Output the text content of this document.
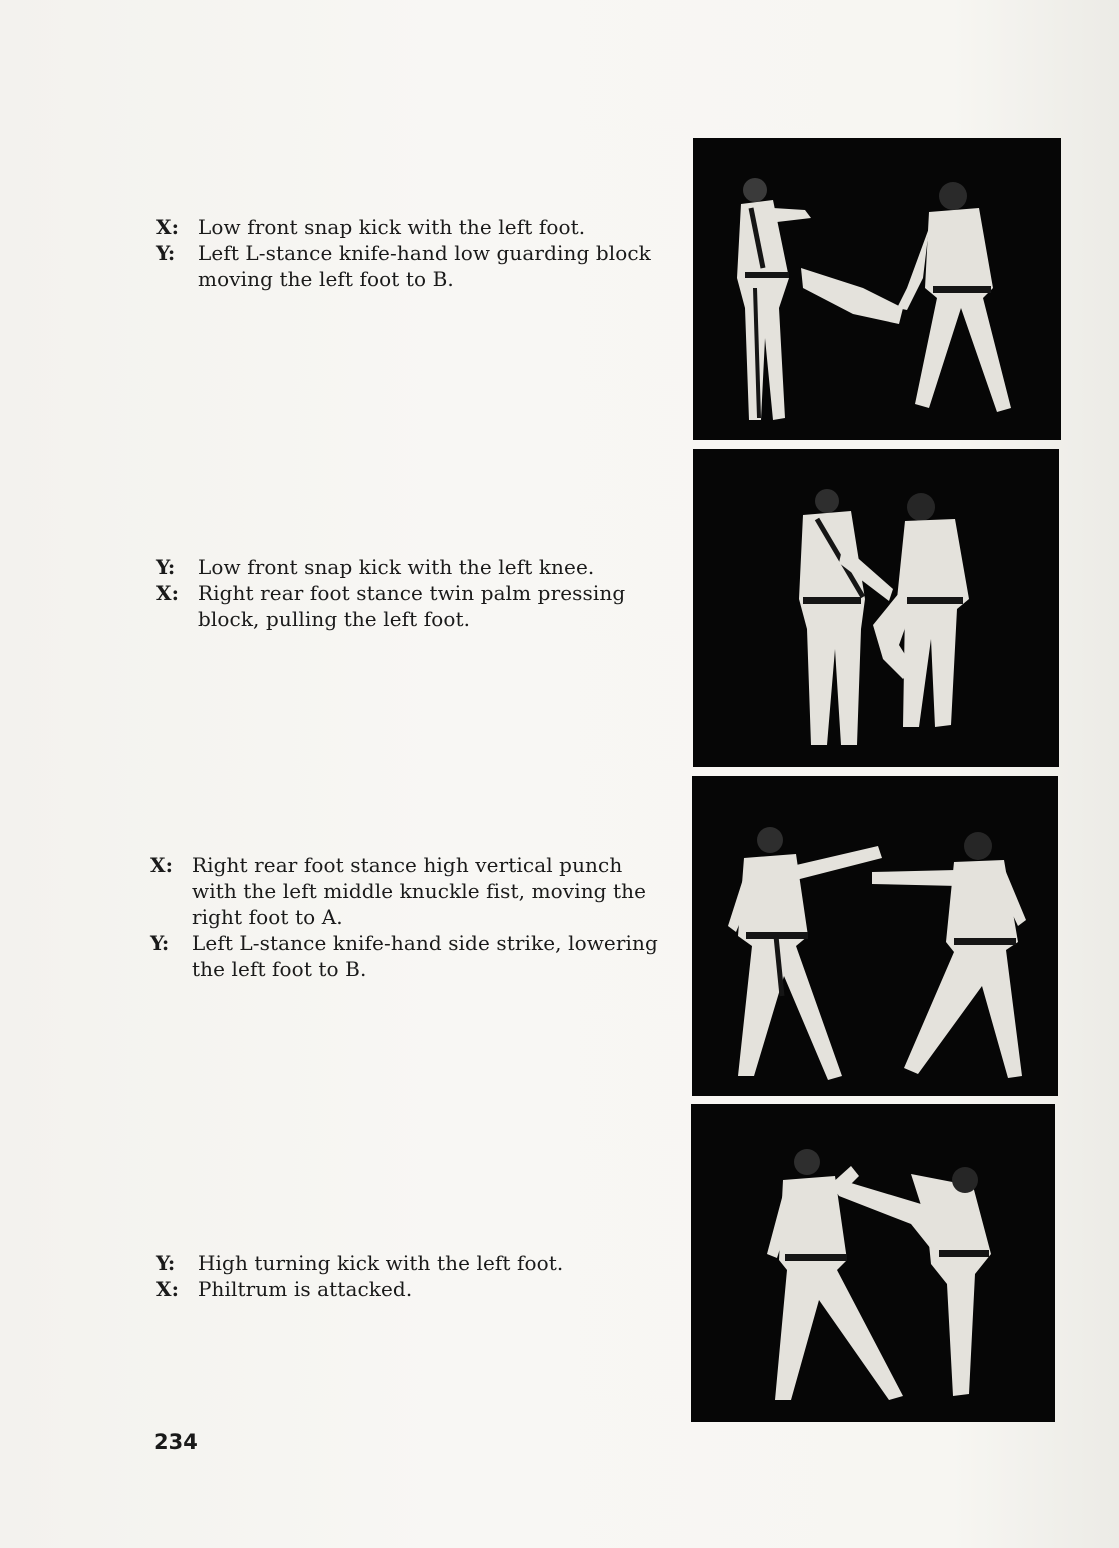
X: Low front snap kick with the left foot.
Y:	Left L-stance knife-hand low guarding block moving the left foot to B.
Y:	Low front snap kick with the left knee.
X: Right rear foot stance twin palm pressing block, pulling the left foot.
X: Right rear foot stance high vertical punch with the left middle knuckle fist, moving the right foot to A.
Y:	Left L-stance knife-hand side strike, lowering the left foot to B.
Y:	High turning kick with the left foot.
X: Philtrum is attacked.
234
